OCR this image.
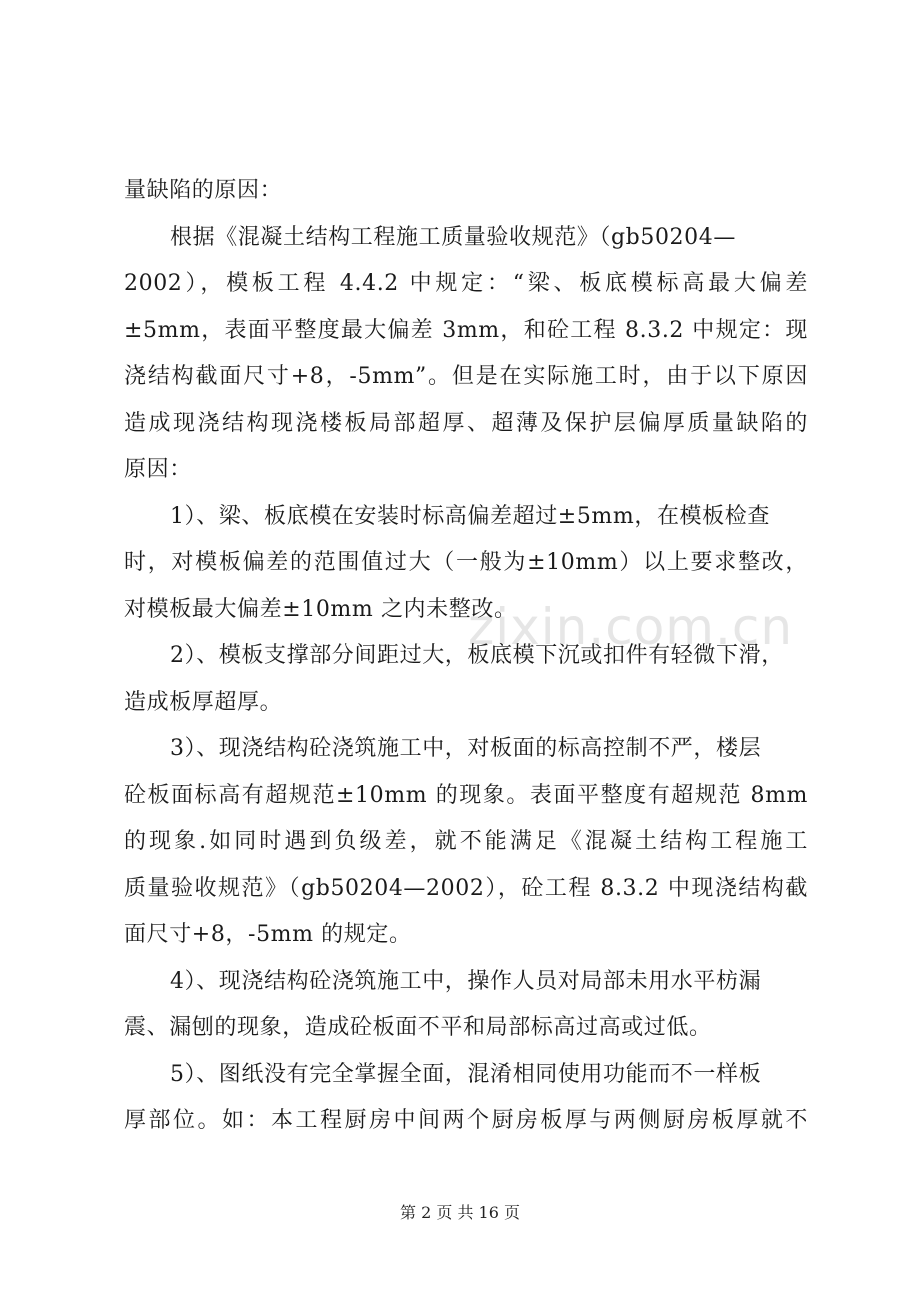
zixin.com.cn
量缺陷的原因：
根据《混凝土结构工程施工质量验收规范》（gb50204—
2002），模板工程 4.4.2 中规定：“梁、板底模标高最大偏差
±5mm，表面平整度最大偏差 3mm，和砼工程 8.3.2 中规定：现
浇结构截面尺寸+8，-5mm”。但是在实际施工时，由于以下原因
造成现浇结构现浇楼板局部超厚、超薄及保护层偏厚质量缺陷的
原因：
1）、梁、板底模在安装时标高偏差超过±5mm，在模板检查
时，对模板偏差的范围值过大（一般为±10mm）以上要求整改，
对模板最大偏差±10mm 之内未整改。
2）、模板支撑部分间距过大，板底模下沉或扣件有轻微下滑，
造成板厚超厚。
3）、现浇结构砼浇筑施工中，对板面的标高控制不严，楼层
砼板面标高有超规范±10mm 的现象。表面平整度有超规范 8mm
的现象.如同时遇到负级差，就不能满足《混凝土结构工程施工
质量验收规范》（gb50204—2002），砼工程 8.3.2 中现浇结构截
面尺寸+8，-5mm 的规定。
4）、现浇结构砼浇筑施工中，操作人员对局部未用水平枋漏
震、漏刨的现象，造成砼板面不平和局部标高过高或过低。
5）、图纸没有完全掌握全面，混淆相同使用功能而不一样板
厚部位。如：本工程厨房中间两个厨房板厚与两侧厨房板厚就不
第 2 页 共 16 页
